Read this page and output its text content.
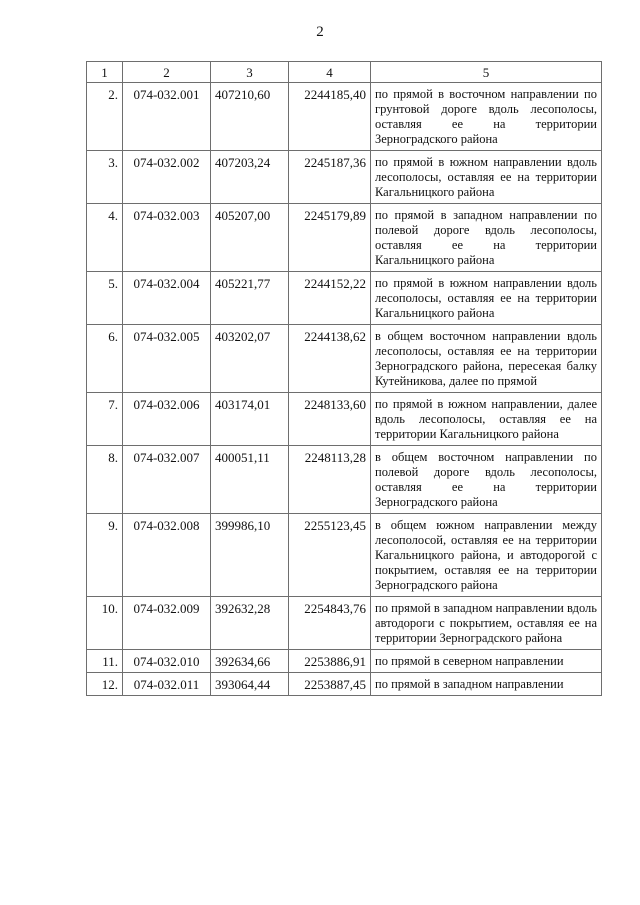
2
1	2	3	4	5
2.	074-032.001	407210,60	2244185,40	по прямой в восточном направлении по грунтовой дороге вдоль лесополосы, оставляя ее на территории Зерноградского района
3.	074-032.002	407203,24	2245187,36	по прямой в южном направлении вдоль лесополосы, оставляя ее на территории Кагальницкого района
4.	074-032.003	405207,00	2245179,89	по прямой в западном направлении по полевой дороге вдоль лесополосы, оставляя ее на территории Кагальницкого района
5.	074-032.004	405221,77	2244152,22	по прямой в южном направлении вдоль лесополосы, оставляя ее на территории Кагальницкого района
6.	074-032.005	403202,07	2244138,62	в общем восточном направлении вдоль лесополосы, оставляя ее на территории Зерноградского района, пересекая балку Кутейникова, далее по прямой
7.	074-032.006	403174,01	2248133,60	по прямой в южном направлении, далее вдоль лесополосы, оставляя ее на территории Кагальницкого района
8.	074-032.007	400051,11	2248113,28	в общем восточном направлении по полевой дороге вдоль лесополосы, оставляя ее на территории Зерноградского района
9.	074-032.008	399986,10	2255123,45	в общем южном направлении между лесополосой, оставляя ее на территории Кагальницкого района, и автодорогой с покрытием, оставляя ее на территории Зерноградского района
10.	074-032.009	392632,28	2254843,76	по прямой в западном направлении вдоль автодороги с покрытием, оставляя ее на территории Зерноградского района
11.	074-032.010	392634,66	2253886,91	по прямой в северном направлении
12.	074-032.011	393064,44	2253887,45	по прямой в западном направлении
